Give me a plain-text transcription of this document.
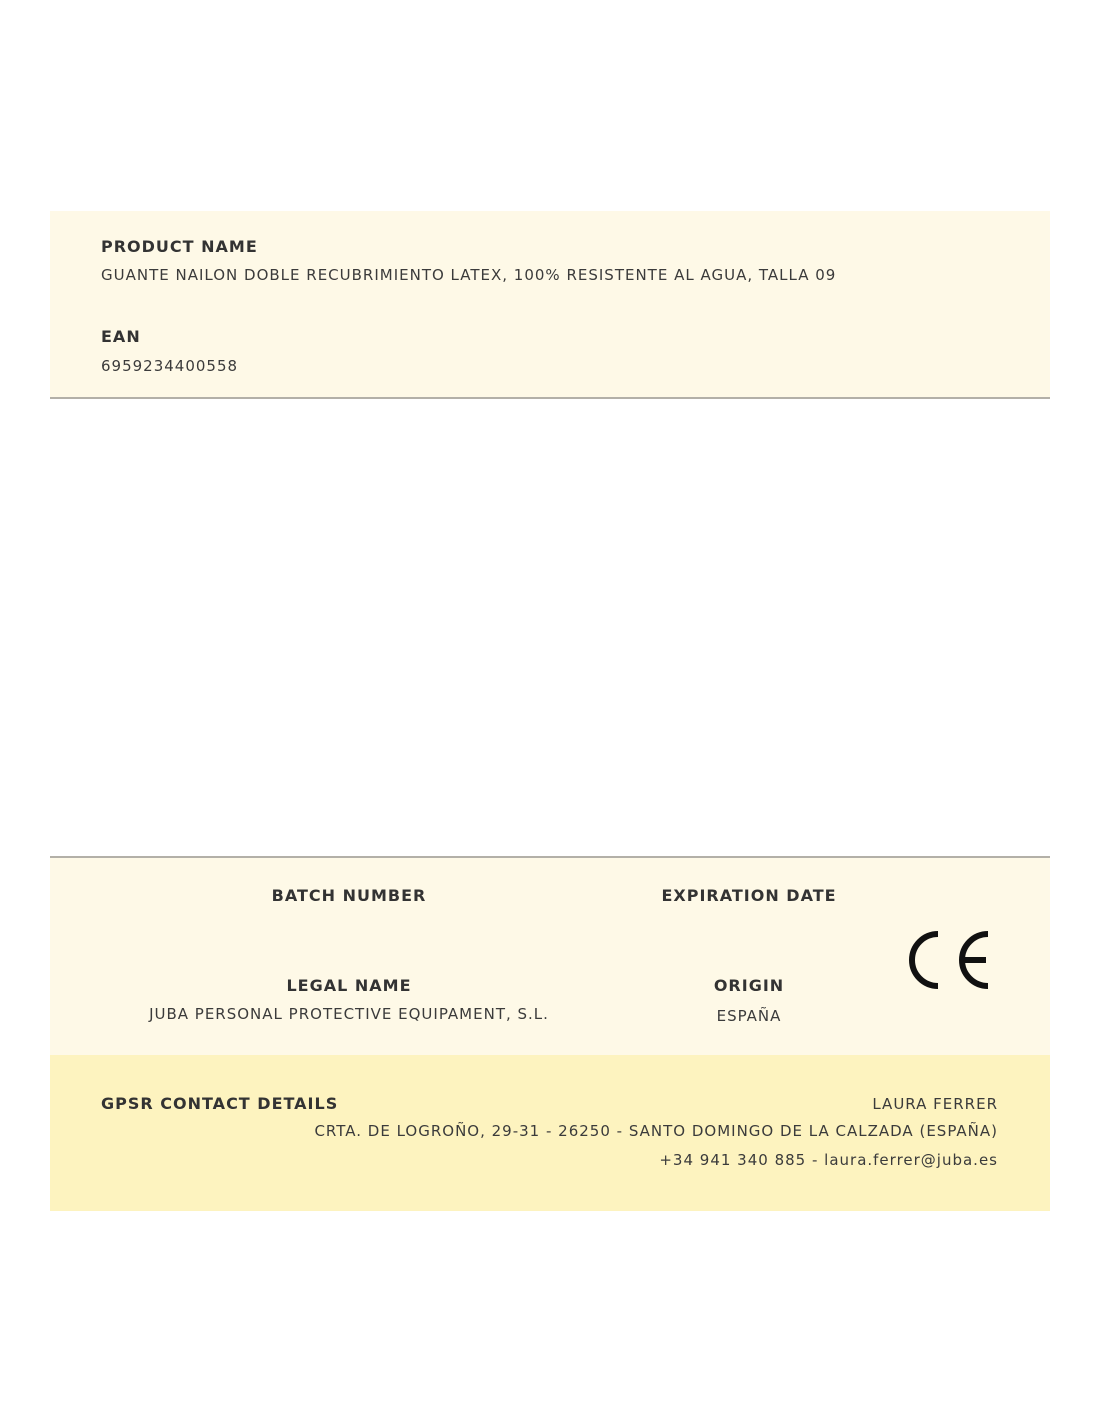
PRODUCT NAME
GUANTE NAILON DOBLE RECUBRIMIENTO LATEX, 100% RESISTENTE AL AGUA, TALLA 09
EAN
6959234400558
BATCH NUMBER	EXPIRATION DATE
LEGAL NAME
JUBA PERSONAL PROTECTIVE EQUIPAMENT, S.L.
ORIGIN
ESPAÑA
GPSR CONTACT DETAILS	LAURA FERRER
CRTA. DE LOGROÑO, 29-31 - 26250 - SANTO DOMINGO DE LA CALZADA (ESPAÑA)
+34 941 340 885 - laura.ferrer@juba.es
